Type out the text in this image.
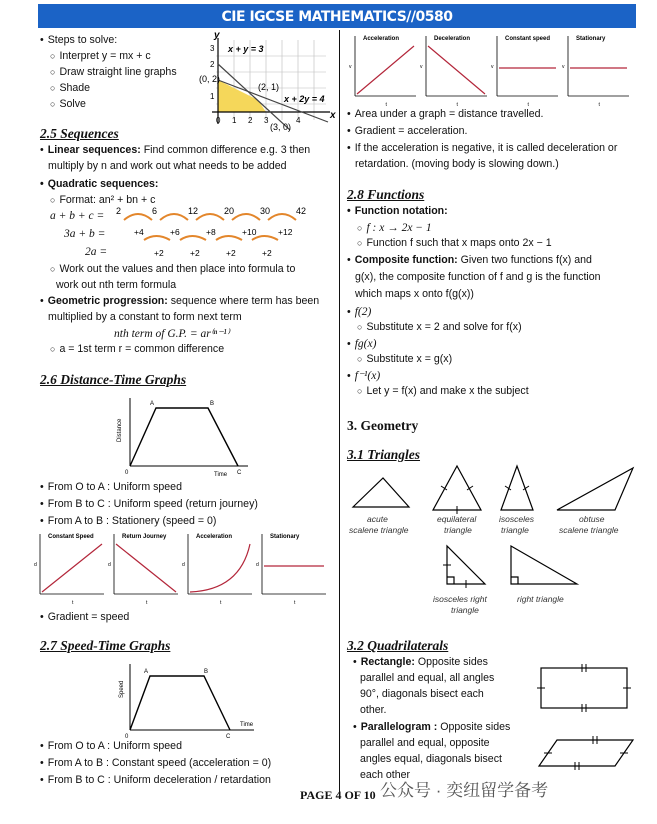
CIE IGCSE MATHEMATICS//0580
• Steps to solve:
○ Interpret y = mx + c
○ Draw straight line graphs
○ Shade
○ Solve
y
x
x + y = 3
x + 2y = 4
(0, 2)
(2, 1)
(3, 0)
0 1 2 3	4
1
2
3
2.5 Sequences
• Linear sequences: Find common difference e.g. 3 then
multiply by n and work out what needs to be added
• Quadratic sequences:
○ Format: an² + bn + c
a + b + c =
3a + b =
2a =
2	6	12	20	30	42
+4	+6	+8	+10	+12
+2	+2	+2	+2
○ Work out the values and then place into formula to
work out nth term formula
• Geometric progression: sequence where term has been
multiplied by a constant to form next term
nth term of G.P. = ar⁽ⁿ⁻¹⁾
○ a = 1st term r = common difference
2.6 Distance-Time Graphs
Distance
Time
0
A	B
C
• From O to A : Uniform speed
• From B to C : Uniform speed (return journey)
• From A to B : Stationery (speed = 0)
Constant Speed
d
t
Return Journey
d
t
Acceleration
d
t
Stationary
d
t
• Gradient = speed
2.7 Speed-Time Graphs
Speed
Time
0
A	B
C
• From O to A : Uniform speed
• From A to B : Constant speed (acceleration = 0)
• From B to C : Uniform deceleration / retardation
Acceleration
v
t
Deceleration
v
t
Constant speed
v
t
Stationary
v
t
• Area under a graph = distance travelled.
• Gradient = acceleration.
• If the acceleration is negative, it is called deceleration or
retardation. (moving body is slowing down.)
2.8 Functions
• Function notation:
○ f : x → 2x − 1
○ Function f such that x maps onto 2x − 1
• Composite function: Given two functions f(x) and
g(x), the composite function of f and g is the function
which maps x onto f(g(x))
• f(2)
○ Substitute x = 2 and solve for f(x)
• fg(x)
○ Substitute x = g(x)
• f⁻¹(x)
○ Let y = f(x) and make x the subject
3. Geometry
3.1 Triangles
acute scalene triangle equilateral triangle isosceles triangle obtuse scalene triangle isosceles right triangle right triangle
3.2 Quadrilaterals
• Rectangle: Opposite sides
parallel and equal, all angles
90°, diagonals bisect each
other.
• Parallelogram : Opposite sides
parallel and equal, opposite
angles equal, diagonals bisect
each other
PAGE 4 OF 10 公众号 · 奕纽留学备考
